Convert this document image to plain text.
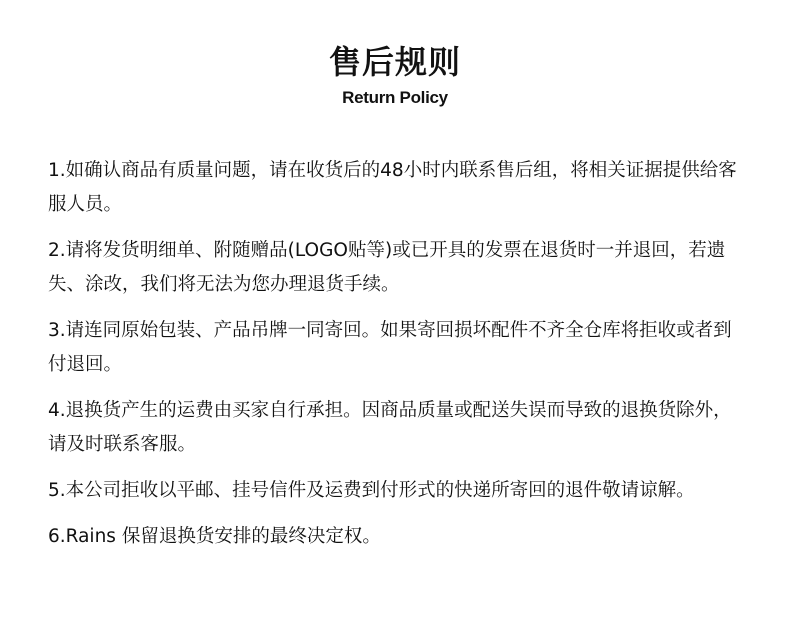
售后规则
Return Policy
1.如确认商品有质量问题，请在收货后的48小时内联系售后组，将相关证据提供给客服人员。
2.请将发货明细单、附随赠品(LOGO贴等)或已开具的发票在退货时一并退回，若遗失、涂改，我们将无法为您办理退货手续。
3.请连同原始包装、产品吊牌一同寄回。如果寄回损坏配件不齐全仓库将拒收或者到付退回。
4.退换货产生的运费由买家自行承担。因商品质量或配送失误而导致的退换货除外，请及时联系客服。
5.本公司拒收以平邮、挂号信件及运费到付形式的快递所寄回的退件敬请谅解。
6.Rains 保留退换货安排的最终决定权。
